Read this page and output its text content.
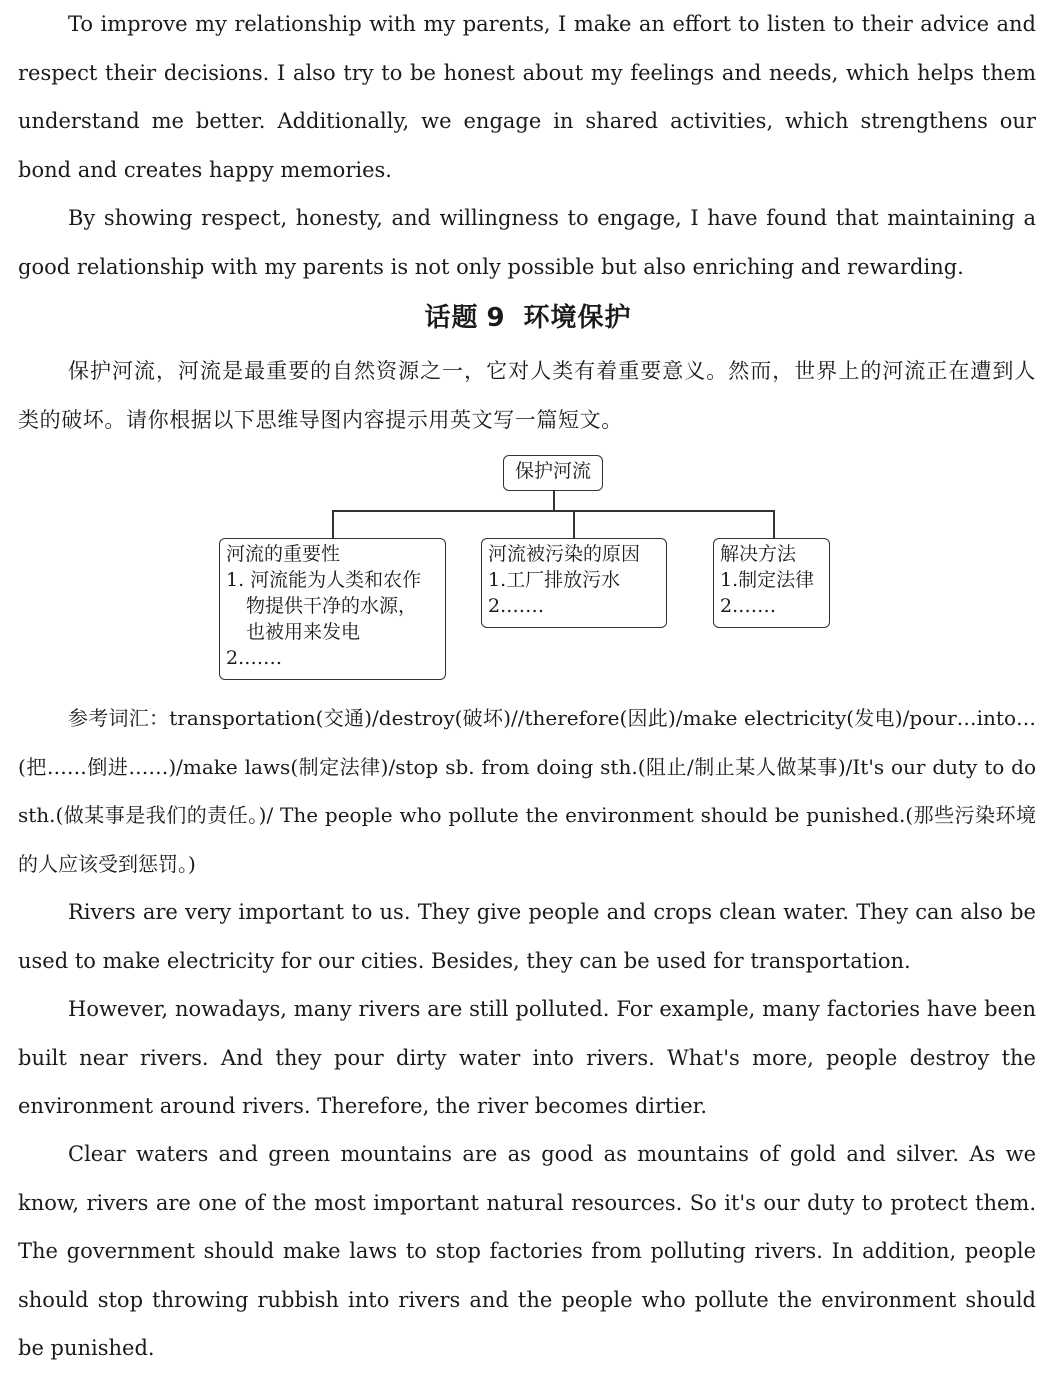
To improve my relationship with my parents, I make an effort to listen to their advice and respect their decisions. I also try to be honest about my feelings and needs, which helps them understand me better. Additionally, we engage in shared activities, which strengthens our bond and creates happy memories.

By showing respect, honesty, and willingness to engage, I have found that maintaining a good relationship with my parents is not only possible but also enriching and rewarding.

话题 9 环境保护

保护河流，河流是最重要的自然资源之一，它对人类有着重要意义。然而，世界上的河流正在遭到人类的破坏。请你根据以下思维导图内容提示用英文写一篇短文。

保护河流
河流的重要性
1. 河流能为人类和农作
物提供干净的水源，
也被用来发电
2.……
河流被污染的原因
1.工厂排放污水
2.……
解决方法
1.制定法律
2.……

参考词汇：transportation(交通)/destroy(破坏)//therefore(因此)/make electricity(发电)/pour…into…(把……倒进……)/make laws(制定法律)/stop sb. from doing sth.(阻止/制止某人做某事)/It's our duty to do sth.(做某事是我们的责任。)/ The people who pollute the environment should be punished.(那些污染环境的人应该受到惩罚。)

Rivers are very important to us. They give people and crops clean water. They can also be used to make electricity for our cities. Besides, they can be used for transportation.

However, nowadays, many rivers are still polluted. For example, many factories have been built near rivers. And they pour dirty water into rivers. What's more, people destroy the environment around rivers. Therefore, the river becomes dirtier.

Clear waters and green mountains are as good as mountains of gold and silver. As we know, rivers are one of the most important natural resources. So it's our duty to protect them. The government should make laws to stop factories from polluting rivers. In addition, people should stop throwing rubbish into rivers and the people who pollute the environment should be punished.
